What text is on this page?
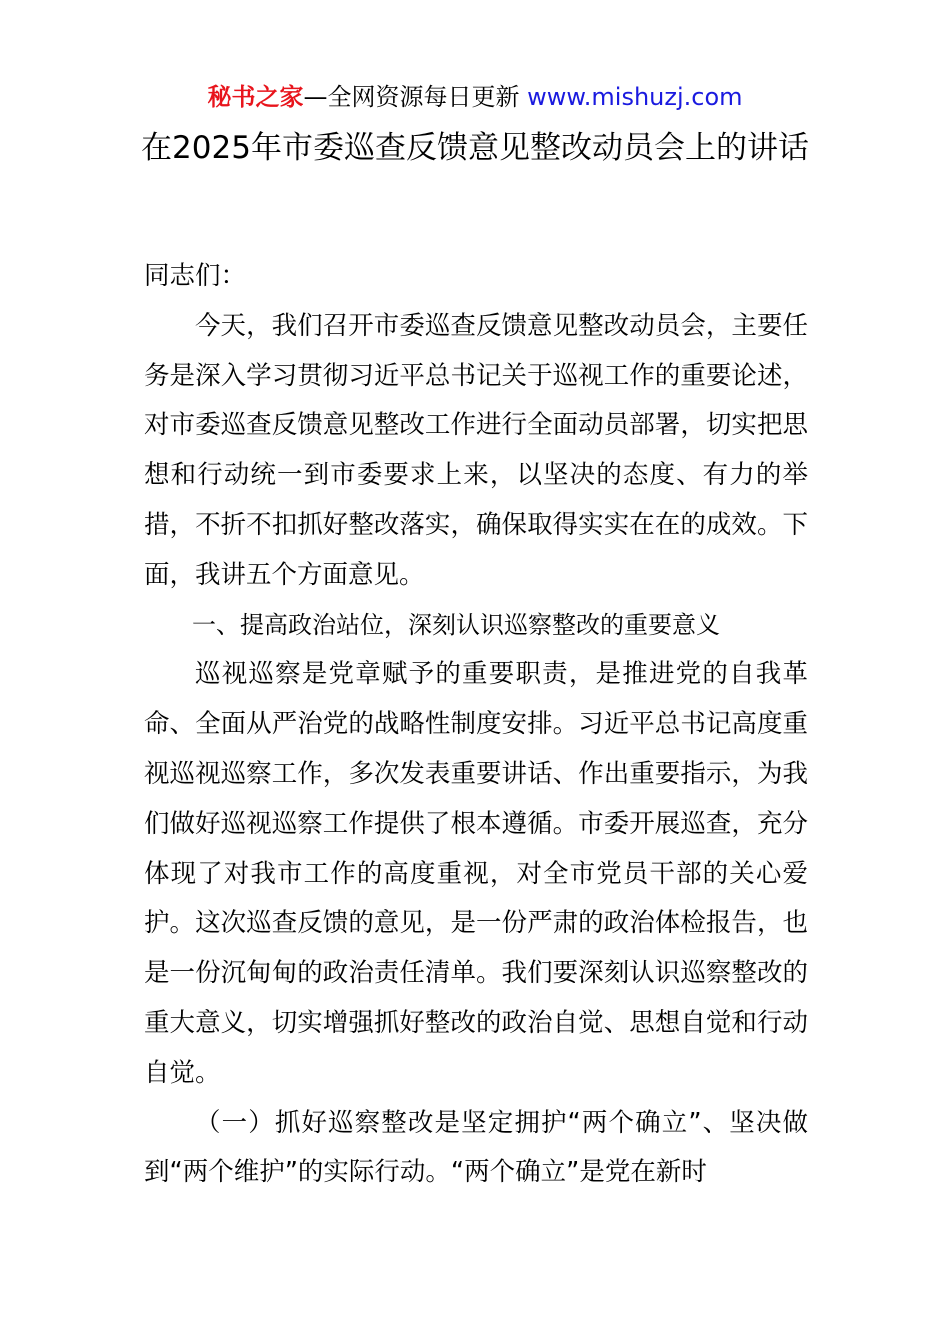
秘书之家—全网资源每日更新 www.mishuzj.com
在2025年市委巡查反馈意见整改动员会上的讲话

同志们：

今天，我们召开市委巡查反馈意见整改动员会，主要任务是深入学习贯彻习近平总书记关于巡视工作的重要论述，对市委巡查反馈意见整改工作进行全面动员部署，切实把思想和行动统一到市委要求上来，以坚决的态度、有力的举措，不折不扣抓好整改落实，确保取得实实在在的成效。下面，我讲五个方面意见。

一、提高政治站位，深刻认识巡察整改的重要意义

巡视巡察是党章赋予的重要职责，是推进党的自我革命、全面从严治党的战略性制度安排。习近平总书记高度重视巡视巡察工作，多次发表重要讲话、作出重要指示，为我们做好巡视巡察工作提供了根本遵循。市委开展巡查，充分体现了对我市工作的高度重视，对全市党员干部的关心爱护。这次巡查反馈的意见，是一份严肃的政治体检报告，也是一份沉甸甸的政治责任清单。我们要深刻认识巡察整改的重大意义，切实增强抓好整改的政治自觉、思想自觉和行动自觉。

（一）抓好巡察整改是坚定拥护“两个确立”、坚决做到“两个维护”的实际行动。“两个确立”是党在新时
